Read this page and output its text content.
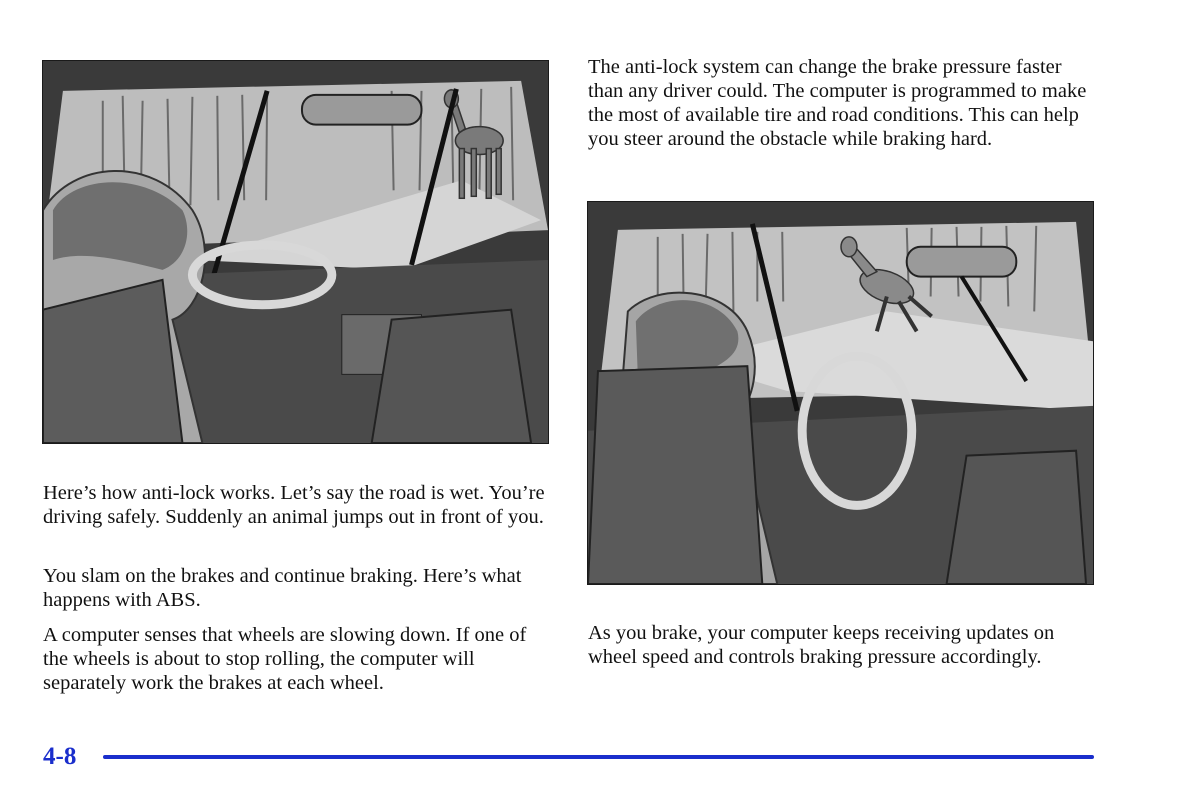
The anti-lock system can change the brake pressure faster than any driver could. The computer is programmed to make the most of available tire and road conditions. This can help you steer around the obstacle while braking hard.

Here’s how anti-lock works. Let’s say the road is wet. You’re driving safely. Suddenly an animal jumps out in front of you.

You slam on the brakes and continue braking. Here’s what happens with ABS.

A computer senses that wheels are slowing down. If one of the wheels is about to stop rolling, the computer will separately work the brakes at each wheel.

As you brake, your computer keeps receiving updates on wheel speed and controls braking pressure accordingly.

4-8
